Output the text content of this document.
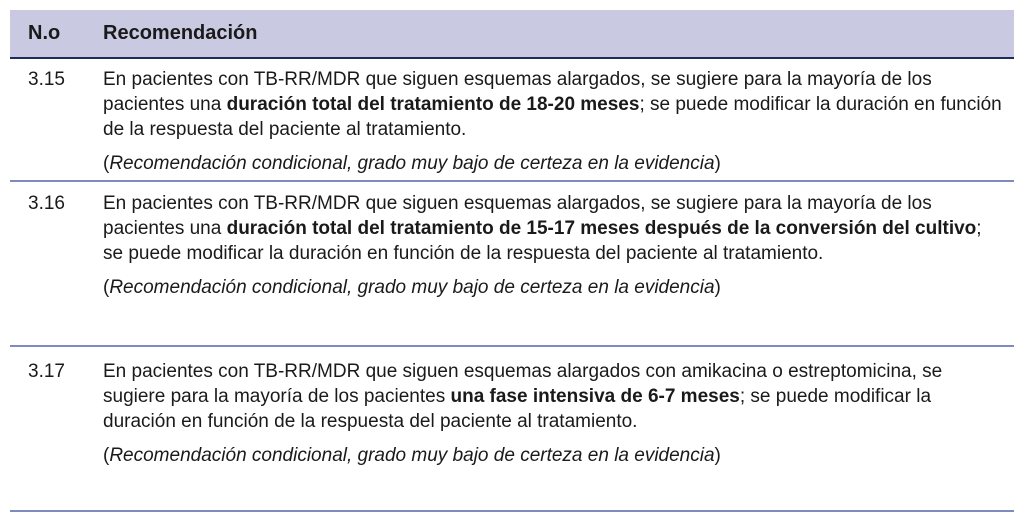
N.o	Recomendación
3.15	En pacientes con TB-RR/MDR que siguen esquemas alargados, se sugiere para la mayoría de los pacientes una duración total del tratamiento de 18-20 meses; se puede modificar la duración en función de la respuesta del paciente al tratamiento.
(Recomendación condicional, grado muy bajo de certeza en la evidencia)
3.16	En pacientes con TB-RR/MDR que siguen esquemas alargados, se sugiere para la mayoría de los pacientes una duración total del tratamiento de 15-17 meses después de la conversión del cultivo; se puede modificar la duración en función de la respuesta del paciente al tratamiento.
(Recomendación condicional, grado muy bajo de certeza en la evidencia)
3.17	En pacientes con TB-RR/MDR que siguen esquemas alargados con amikacina o estreptomicina, se sugiere para la mayoría de los pacientes una fase intensiva de 6-7 meses; se puede modificar la duración en función de la respuesta del paciente al tratamiento.
(Recomendación condicional, grado muy bajo de certeza en la evidencia)
